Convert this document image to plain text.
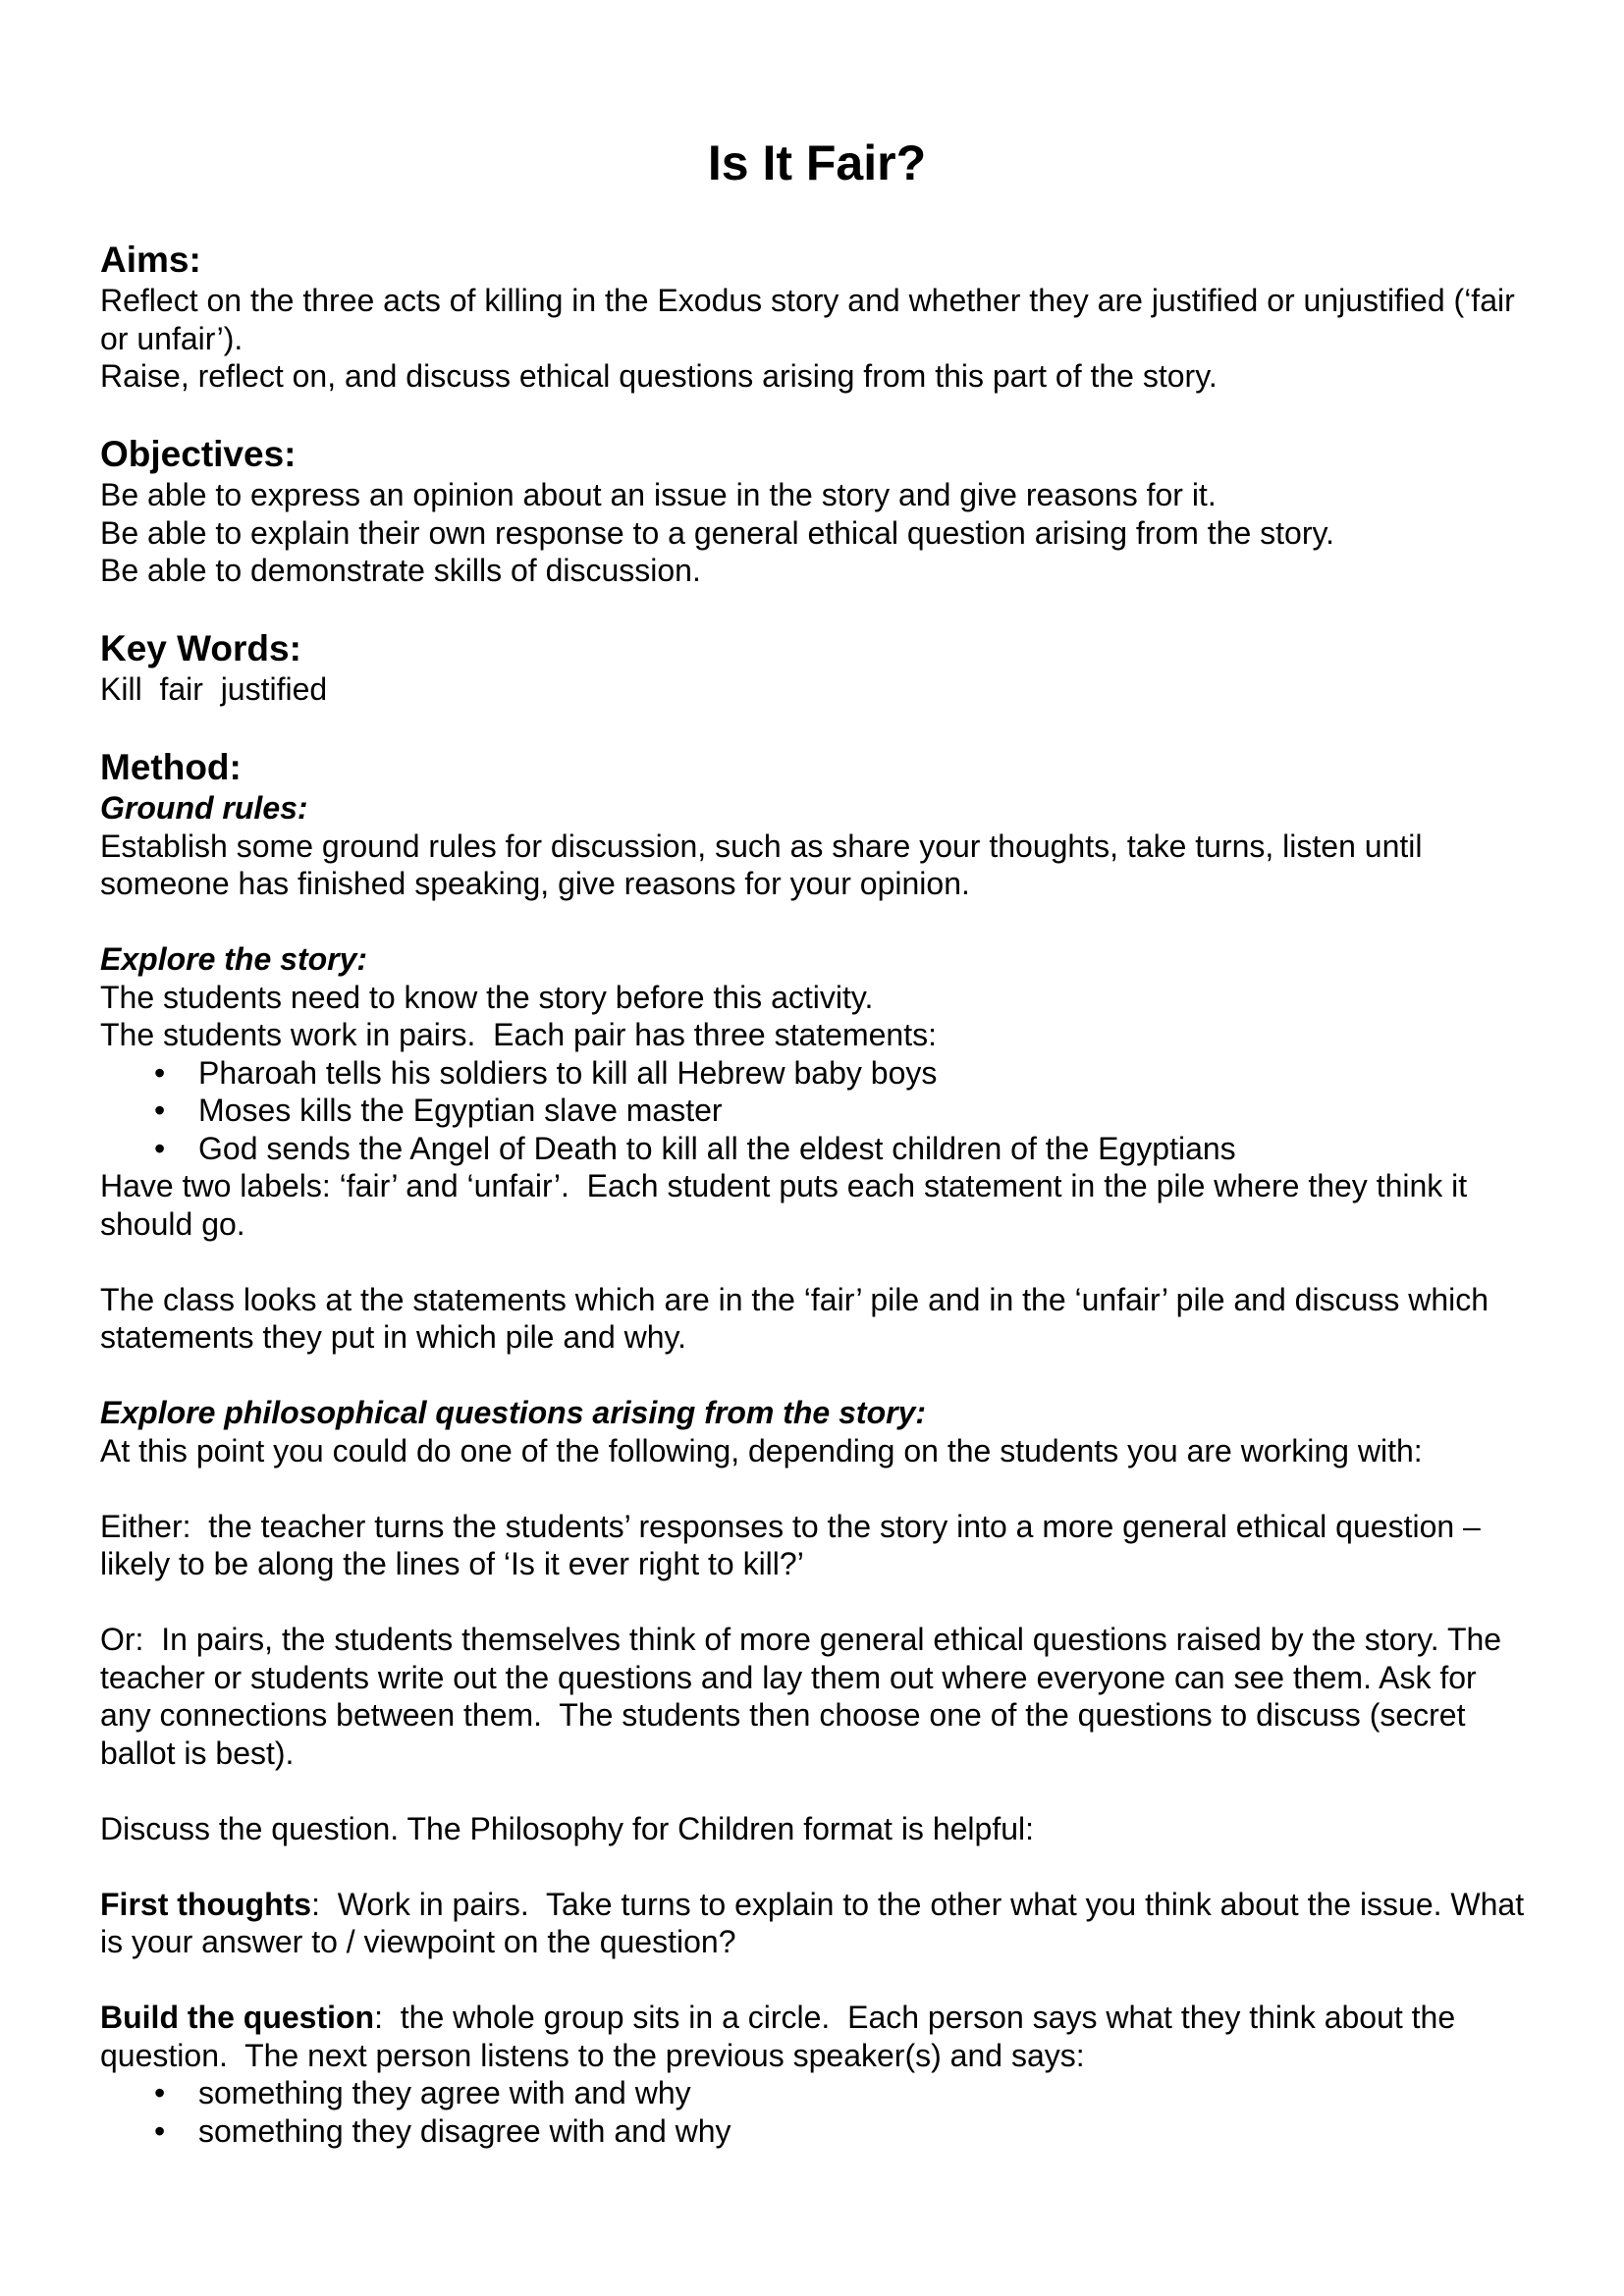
Is It Fair?
Aims:

Reflect on the three acts of killing in the Exodus story and whether they are justified or unjustified (‘fair or unfair’).

Raise, reflect on, and discuss ethical questions arising from this part of the story.

Objectives:

Be able to express an opinion about an issue in the story and give reasons for it.

Be able to explain their own response to a general ethical question arising from the story.

Be able to demonstrate skills of discussion.

Key Words:

Kill  fair  justified

Method:

Ground rules:

Establish some ground rules for discussion, such as share your thoughts, take turns, listen until someone has finished speaking, give reasons for your opinion.

Explore the story:

The students need to know the story before this activity.

The students work in pairs.  Each pair has three statements:

• Pharoah tells his soldiers to kill all Hebrew baby boys
• Moses kills the Egyptian slave master
• God sends the Angel of Death to kill all the eldest children of the Egyptians

Have two labels: ‘fair’ and ‘unfair’.  Each student puts each statement in the pile where they think it should go.

The class looks at the statements which are in the ‘fair’ pile and in the ‘unfair’ pile and discuss which statements they put in which pile and why.

Explore philosophical questions arising from the story:

At this point you could do one of the following, depending on the students you are working with:

Either:  the teacher turns the students’ responses to the story into a more general ethical question – likely to be along the lines of ‘Is it ever right to kill?’

Or:  In pairs, the students themselves think of more general ethical questions raised by the story. The teacher or students write out the questions and lay them out where everyone can see them. Ask for any connections between them.  The students then choose one of the questions to discuss (secret ballot is best).

Discuss the question. The Philosophy for Children format is helpful:

First thoughts:  Work in pairs.  Take turns to explain to the other what you think about the issue. What is your answer to / viewpoint on the question?

Build the question:  the whole group sits in a circle.  Each person says what they think about the question.  The next person listens to the previous speaker(s) and says:

• something they agree with and why
• something they disagree with and why
